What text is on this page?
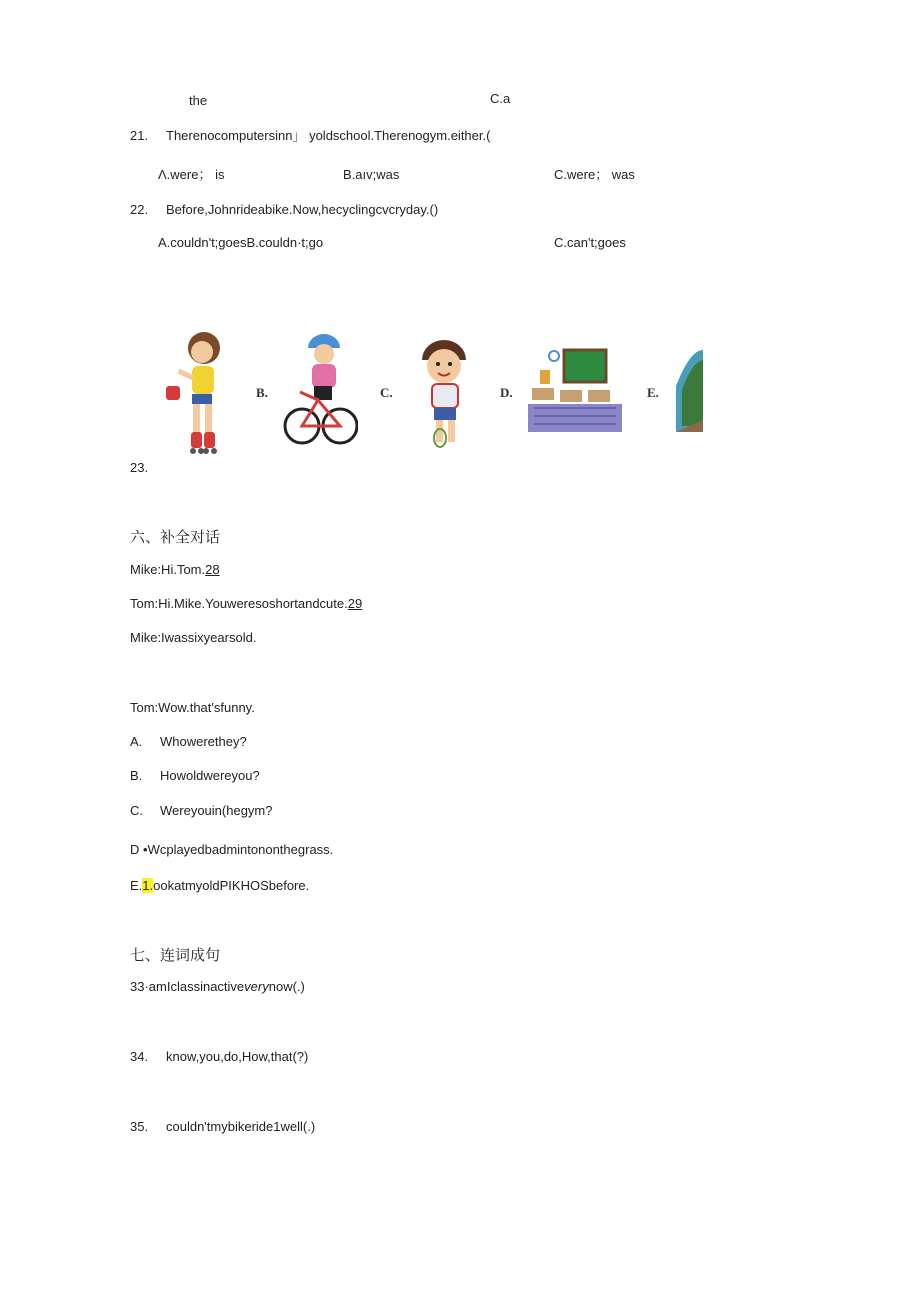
the	C.a
21. Therenocomputersinn」 yoldschool.Therenogym.either.(
Λ.were； is	B.aıv;was	C.were； was
22. Before,Johnrideabike.Now,hecyclingcvcryday.()
A.couldn't;goesB.couldn·t;go	C.can't;goes
B.	C.	D.	E.
23.
六、补全对话
Mike:Hi.Tom.28
Tom:Hi.Mike.Youweresoshortandcute.29
Mike:Iwassixyearsold.
Tom:Wow.that'sfunny.
A. Whowerethey?
B. Howoldwereyou?
C. Wereyouin(hegym?
D •Wcplayedbadmintononthegrass.
E.1.ookatmyoldPIKHOSbefore.
七、连词成句
33·amIclassinactiveverynow(.)
34. know,you,do,How,that(?)
35. couldn'tmybikeride1well(.)
